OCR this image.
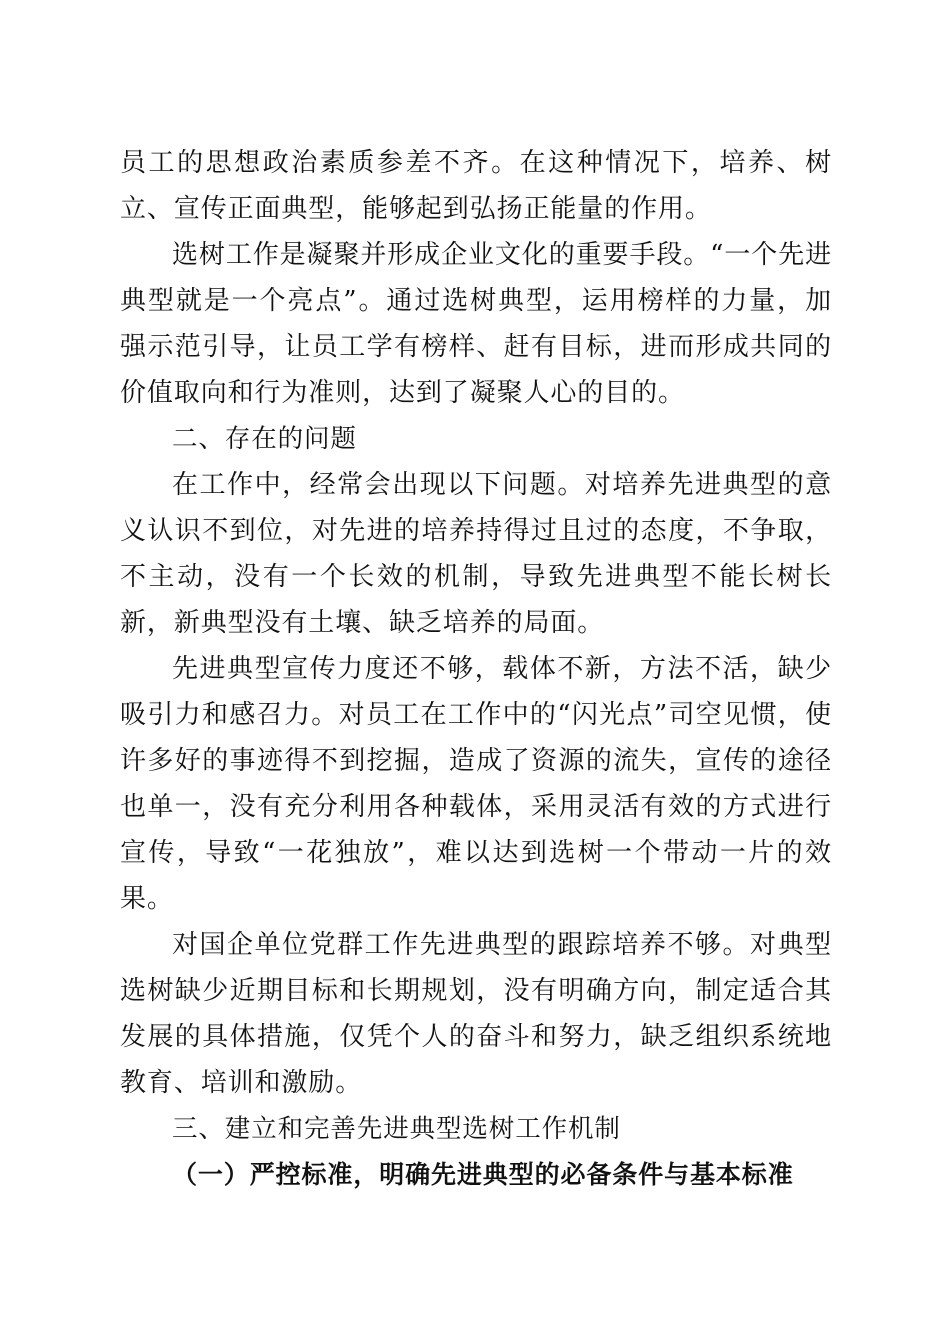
员工的思想政治素质参差不齐。在这种情况下，培养、树立、宣传正面典型，能够起到弘扬正能量的作用。

选树工作是凝聚并形成企业文化的重要手段。“一个先进典型就是一个亮点”。通过选树典型，运用榜样的力量，加强示范引导，让员工学有榜样、赶有目标，进而形成共同的价值取向和行为准则，达到了凝聚人心的目的。

二、存在的问题

在工作中，经常会出现以下问题。对培养先进典型的意义认识不到位，对先进的培养持得过且过的态度，不争取，不主动，没有一个长效的机制，导致先进典型不能长树长新，新典型没有土壤、缺乏培养的局面。

先进典型宣传力度还不够，载体不新，方法不活，缺少吸引力和感召力。对员工在工作中的“闪光点”司空见惯，使许多好的事迹得不到挖掘，造成了资源的流失，宣传的途径也单一，没有充分利用各种载体，采用灵活有效的方式进行宣传，导致“一花独放”，难以达到选树一个带动一片的效果。

对国企单位党群工作先进典型的跟踪培养不够。对典型选树缺少近期目标和长期规划，没有明确方向，制定适合其发展的具体措施，仅凭个人的奋斗和努力，缺乏组织系统地教育、培训和激励。

三、建立和完善先进典型选树工作机制

（一）严控标准，明确先进典型的必备条件与基本标准
